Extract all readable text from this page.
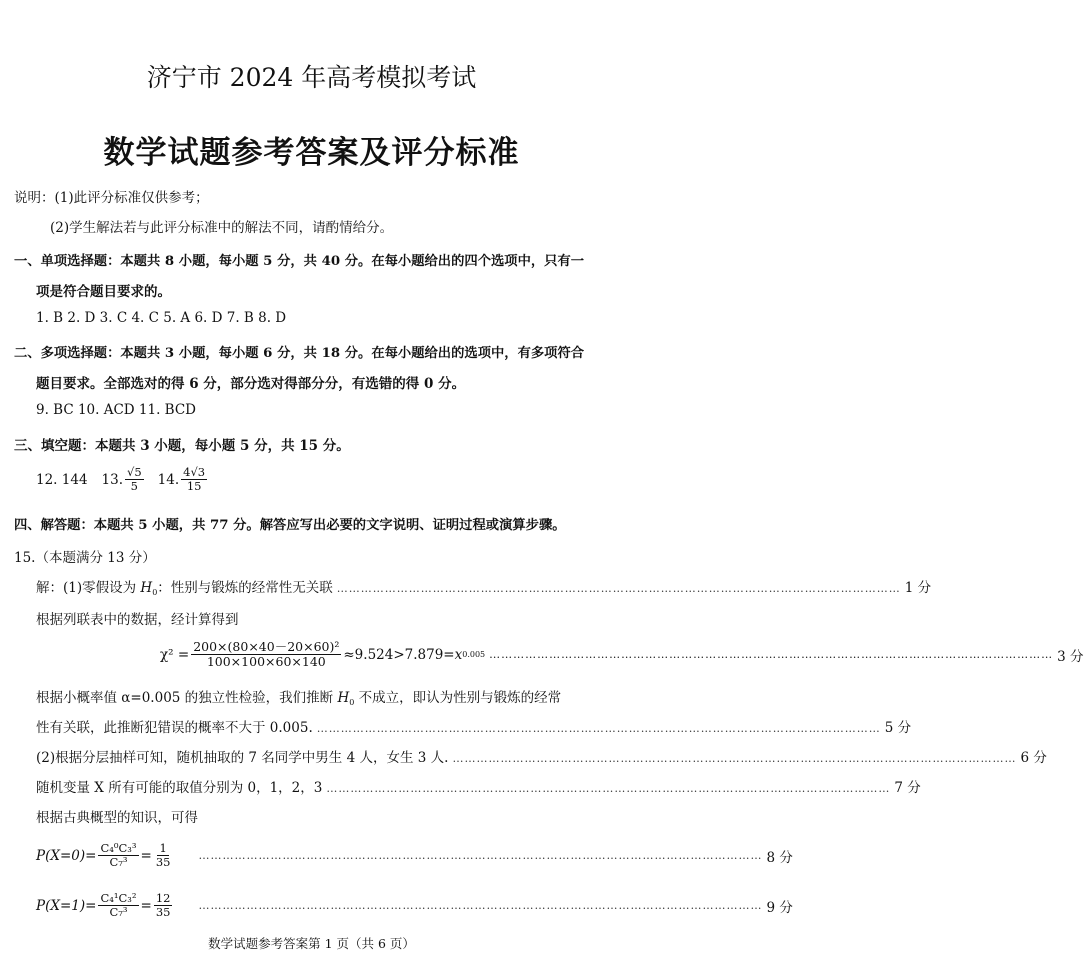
济宁市 2024 年高考模拟考试
数学试题参考答案及评分标准
说明：(1)此评分标准仅供参考；
(2)学生解法若与此评分标准中的解法不同，请酌情给分。
一、单项选择题：本题共 8 小题，每小题 5 分，共 40 分。在每小题给出的四个选项中，只有一
项是符合题目要求的。
1. B 2. D 3. C 4. C 5. A 6. D 7. B 8. D
二、多项选择题：本题共 3 小题，每小题 6 分，共 18 分。在每小题给出的选项中，有多项符合
题目要求。全部选对的得 6 分，部分选对得部分分，有选错的得 0 分。
9. BC 10. ACD 11. BCD
三、填空题：本题共 3 小题，每小题 5 分，共 15 分。
12. 144 13. $\frac{√5}{5} 14$. $\frac{4√3}{15}$
四、解答题：本题共 5 小题，共 77 分。解答应写出必要的文字说明、证明过程或演算步骤。
15.（本题满分 13 分）
解：(1)零假设为 $H_0$：性别与锻炼的经常性无关联 …………………………………………………………………………………………………………………………… 1 分
根据列联表中的数据，经计算得到
$\chi^2 = \frac{\text{200×(80×40－20×60)²}}{100\times 100\times 60\times 140} \approx 9.524>7.879= x$ 0.005 …………………………………………………………………………………………………………………………… 3 分
根据小概率值 α=0.005 的独立性检验，我们推断 $H_0$ 不成立，即认为性别与锻炼的经常
性有关联，此推断犯错误的概率不大于 0.005. …………………………………………………………………………………………………………………………… 5 分
(2)根据分层抽样可知，随机抽取的 7 名同学中男生 4 人，女生 3 人. …………………………………………………………………………………………………………………………… 6 分
随机变量 X 所有可能的取值分别为 0，1，2，3 …………………………………………………………………………………………………………………………… 7 分
根据古典概型的知识，可得
$P(X=0)= \frac{\text{C₄⁰C₃³}}{\text{C₇³}} = \frac{1}{35}$ …………………………………………………………………………………………………………………………… 8 分
$P(X=1)= \frac{\text{C₄¹C₃²}}{\text{C₇³}} = \frac{12}{35}$ …………………………………………………………………………………………………………………………… 9 分
数学试题参考答案第 1 页（共 6 页）
